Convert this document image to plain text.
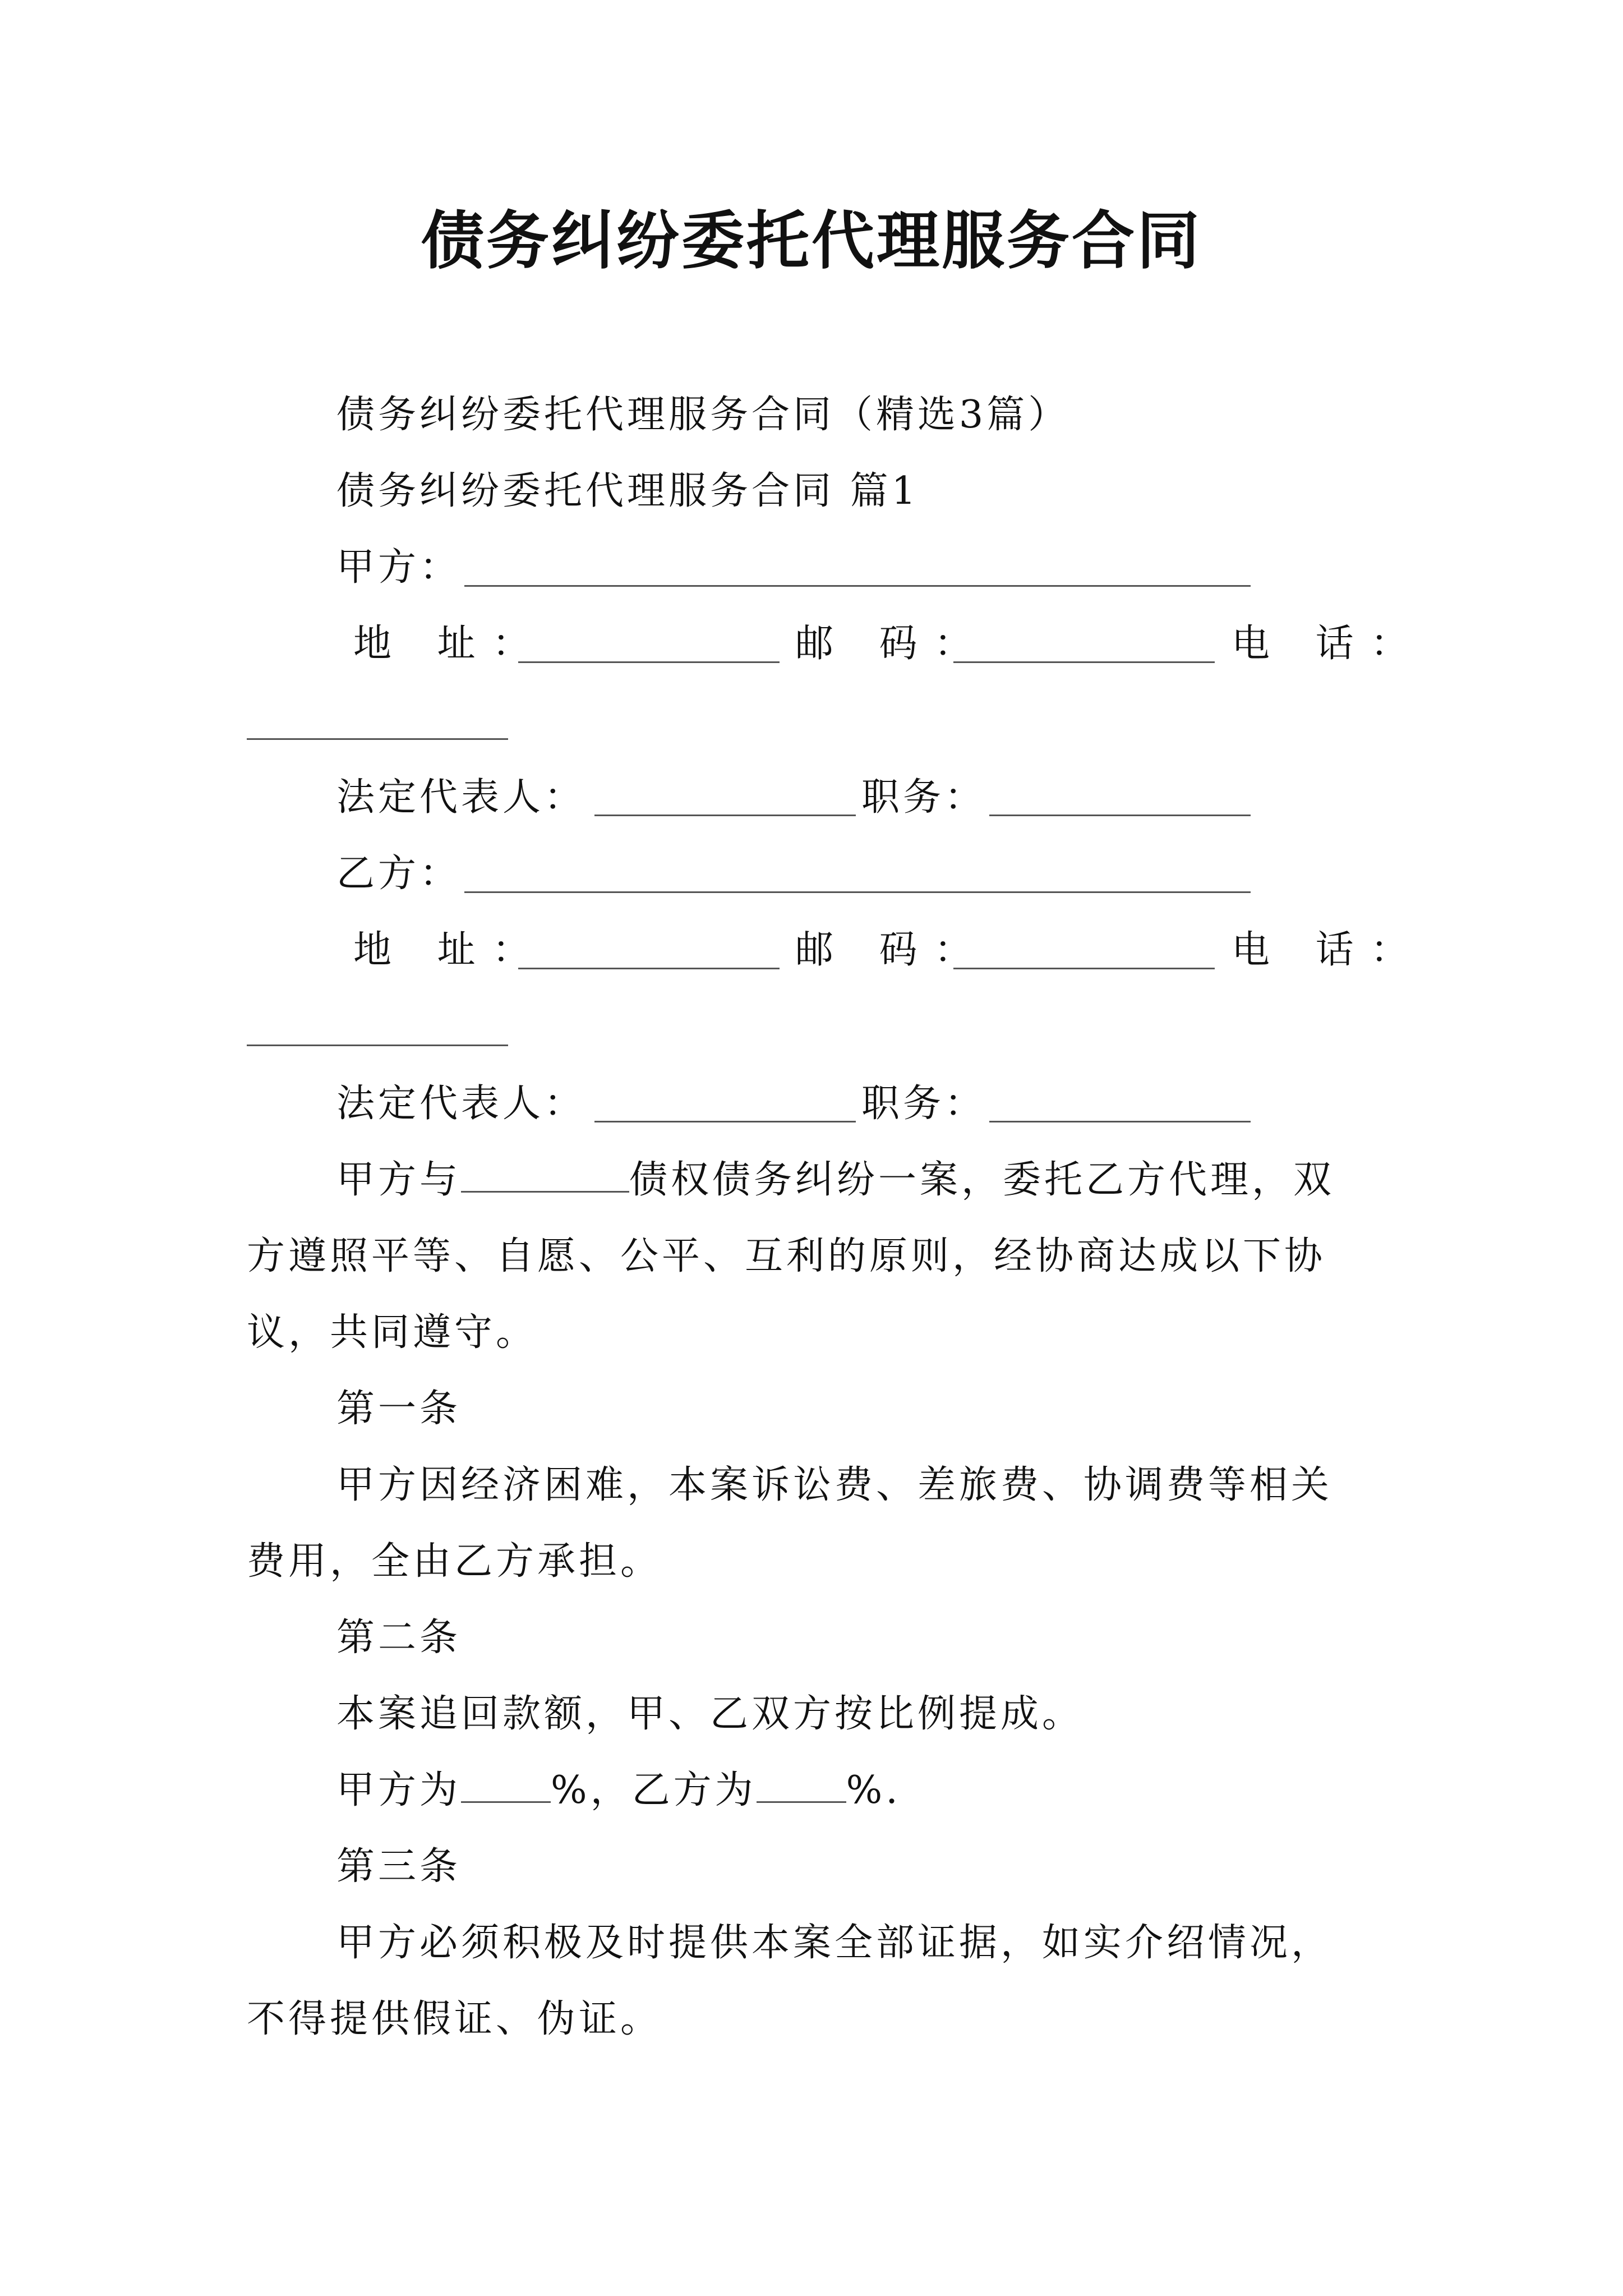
债务纠纷委托代理服务合同
债务纠纷委托代理服务合同（精选3篇）
债务纠纷委托代理服务合同 篇1
甲方：
地 址：	邮 码：	电 话：
法定代表人：	职务：
乙方：
地 址：	邮 码：	电 话：
法定代表人：	职务：
甲方与	债权债务纠纷一案，委托乙方代理，双
方遵照平等、自愿、公平、互利的原则，经协商达成以下协
议，共同遵守。
第一条
甲方因经济困难，本案诉讼费、差旅费、协调费等相关
费用，全由乙方承担。
第二条
本案追回款额，甲、乙双方按比例提成。
甲方为 %，乙方为 %.
第三条
甲方必须积极及时提供本案全部证据，如实介绍情况，
不得提供假证、伪证。
